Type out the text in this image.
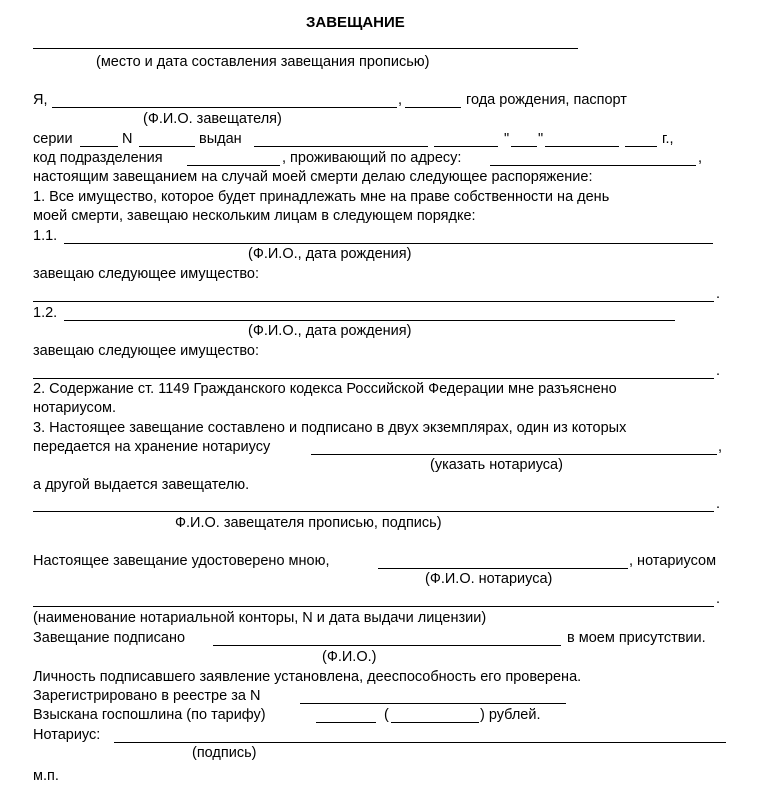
ЗАВЕЩАНИЕ
(место и дата составления завещания прописью)
Я,	,	года рождения, паспорт
(Ф.И.О. завещателя)
серии	N	выдан	" "	г.,
код подразделения	, проживающий по адресу:	,
настоящим завещанием на случай моей смерти делаю следующее распоряжение:
1. Все имущество, которое будет принадлежать мне на праве собственности на день
моей смерти, завещаю нескольким лицам в следующем порядке:
1.1.
(Ф.И.О., дата рождения)
завещаю следующее имущество:
.
1.2.
(Ф.И.О., дата рождения)
завещаю следующее имущество:
.
2. Содержание ст. 1149 Гражданского кодекса Российской Федерации мне разъяснено
нотариусом.
3. Настоящее завещание составлено и подписано в двух экземплярах, один из которых
передается на хранение нотариусу	,
(указать нотариуса)
а другой выдается завещателю.
.
Ф.И.О. завещателя прописью, подпись)
Настоящее завещание удостоверено мною,	, нотариусом
(Ф.И.О. нотариуса)
.
(наименование нотариальной конторы, N и дата выдачи лицензии)
Завещание подписано	в моем присутствии.
(Ф.И.О.)
Личность подписавшего заявление установлена, дееспособность его проверена.
Зарегистрировано в реестре за N
Взыскана госпошлина (по тарифу)	(	) рублей.
Нотариус:
(подпись)
м.п.
